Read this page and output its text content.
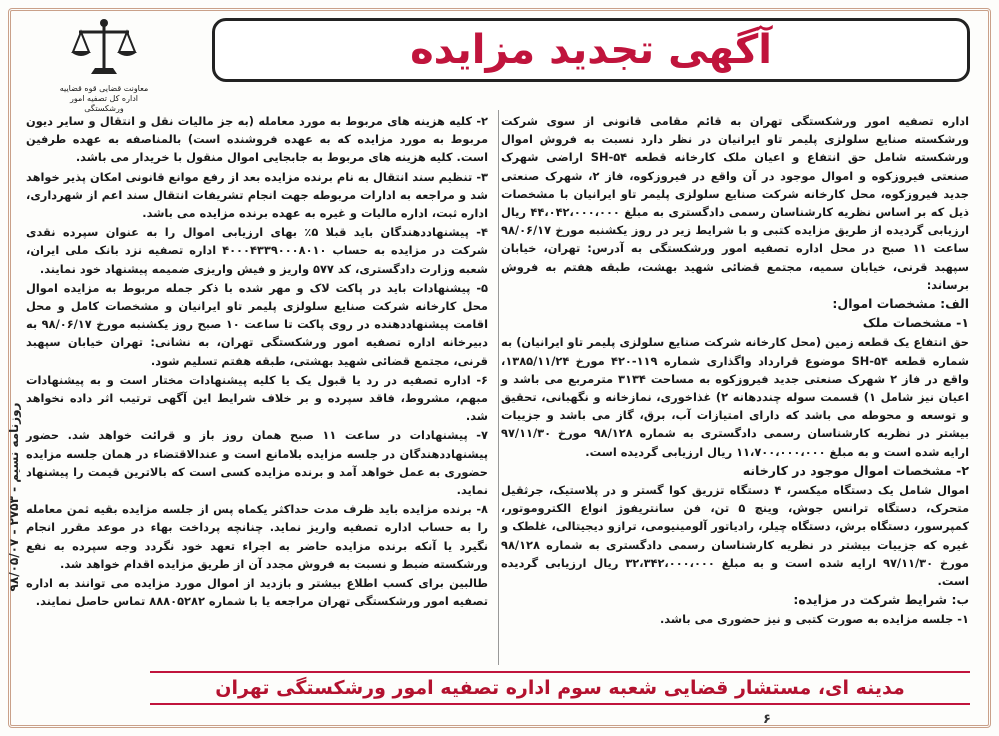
معاونت قضایی قوه قضاییه
اداره کل تصفیه امور ورشکستگی
آگهی تجدید مزایده

اداره تصفیه امور ورشکستگی تهران به قائم مقامی قانونی از سوی شرکت ورشکسته صنایع سلولزی پلیمر تاو ایرانیان در نظر دارد نسبت به فروش اموال ورشکسته شامل حق انتفاع و اعیان ملک کارخانه قطعه SH-۵۴ اراضی شهرک صنعتی فیروزکوه و اموال موجود در آن واقع در فیروزکوه، فاز ۲، شهرک صنعتی جدید فیروزکوه، محل کارخانه شرکت صنایع سلولزی پلیمر تاو ایرانیان با مشخصات ذیل که بر اساس نظریه کارشناسان رسمی دادگستری به مبلغ ۴۴،۰۴۲،۰۰۰،۰۰۰ ریال ارزیابی گردیده از طریق مزایده کتبی و با شرایط زیر در روز یکشنبه مورخ ۹۸/۰۶/۱۷ ساعت ۱۱ صبح در محل اداره تصفیه امور ورشکستگی به آدرس: تهران، خیابان سپهبد قرنی، خیابان سمیه، مجتمع قضائی شهید بهشت، طبقه هفتم به فروش برساند:

الف: مشخصات اموال:

۱- مشخصات ملک

حق انتفاع یک قطعه زمین (محل کارخانه شرکت صنایع سلولزی پلیمر تاو ایرانیان) به شماره قطعه SH-۵۴ موضوع قرارداد واگذاری شماره ۱۱۹-۴۲۰ مورخ ۱۳۸۵/۱۱/۲۴، واقع در فاز ۲ شهرک صنعتی جدید فیروزکوه به مساحت ۳۱۳۴ مترمربع می باشد و اعیان نیز شامل ۱) قسمت سوله چنددهانه ۲) غذاخوری، نمازخانه و نگهبانی، تحقیق و توسعه و محوطه می باشد که دارای امتیازات آب، برق، گاز می باشد و جزییات بیشتر در نظریه کارشناسان رسمی دادگستری به شماره ۹۸/۱۲۸ مورخ ۹۷/۱۱/۳۰ ارایه شده است و به مبلغ ۱۱،۷۰۰،۰۰۰،۰۰۰ ریال ارزیابی گردیده است.

۲- مشخصات اموال موجود در کارخانه

اموال شامل یک دستگاه میکسر، ۴ دستگاه تزریق کوا گستر و در پلاستیک، جرثقیل متحرک، دستگاه ترانس جوش، وینچ ۵ تن، فن سانتریفوژ انواع الکتروموتور، کمپرسور، دستگاه برش، دستگاه چیلر، رادیاتور آلومینیومی، ترازو دیجیتالی، غلطک و غیره که جزییات بیشتر در نظریه کارشناسان رسمی دادگستری به شماره ۹۸/۱۲۸ مورخ ۹۷/۱۱/۳۰ ارایه شده است و به مبلغ ۳۲،۳۴۲،۰۰۰،۰۰۰ ریال ارزیابی گردیده است.

ب: شرایط شرکت در مزایده:

۱- جلسه مزایده به صورت کتبی و نیز حضوری می باشد.

۲- کلیه هزینه های مربوط به مورد معامله (به جز مالیات نقل و انتقال و سایر دیون مربوط به مورد مزایده که به عهده فروشنده است) بالمناصفه به عهده طرفین است. کلیه هزینه های مربوط به جابجایی اموال منقول با خریدار می باشد.

۳- تنظیم سند انتقال به نام برنده مزایده بعد از رفع موانع قانونی امکان پذیر خواهد شد و مراجعه به ادارات مربوطه جهت انجام تشریفات انتقال سند اعم از شهرداری، اداره ثبت، اداره مالیات و غیره به عهده برنده مزایده می باشد.

۴- پیشنهاددهندگان باید قبلا ۵٪ بهای ارزیابی اموال را به عنوان سپرده نقدی شرکت در مزایده به حساب ۴۰۰۰۴۳۳۹۰۰۰۸۰۱۰ اداره تصفیه نزد بانک ملی ایران، شعبه وزارت دادگستری، کد ۵۷۷ واریز و فیش واریزی ضمیمه پیشنهاد خود نمایند.

۵- پیشنهادات باید در پاکت لاک و مهر شده با ذکر جمله مربوط به مزایده اموال محل کارخانه شرکت صنایع سلولزی پلیمر تاو ایرانیان و مشخصات کامل و محل اقامت پیشنهاددهنده در روی پاکت تا ساعت ۱۰ صبح روز یکشنبه مورخ ۹۸/۰۶/۱۷ به دبیرخانه اداره تصفیه امور ورشکستگی تهران، به نشانی: تهران خیابان سپهبد قرنی، مجتمع قضائی شهید بهشتی، طبقه هفتم تسلیم شود.

۶- اداره تصفیه در رد یا قبول یک یا کلیه پیشنهادات مختار است و به پیشنهادات مبهم، مشروط، فاقد سپرده و بر خلاف شرایط این آگهی ترتیب اثر داده نخواهد شد.

۷- پیشنهادات در ساعت ۱۱ صبح همان روز باز و قرائت خواهد شد. حضور پیشنهاددهندگان در جلسه مزایده بلامانع است و عندالاقتضاء در همان جلسه مزایده حضوری به عمل خواهد آمد و برنده مزایده کسی است که بالاترین قیمت را پیشنهاد نماید.

۸- برنده مزایده باید ظرف مدت حداکثر یکماه پس از جلسه مزایده بقیه ثمن معامله را به حساب اداره تصفیه واریز نماید. چنانچه پرداخت بهاء در موعد مقرر انجام نگیرد یا آنکه برنده مزایده حاضر به اجراء تعهد خود نگردد وجه سپرده به نفع ورشکسته ضبط و نسبت به فروش مجدد آن از طریق مزایده اقدام خواهد شد.

طالبین برای کسب اطلاع بیشتر و بازدید از اموال مورد مزایده می توانند به اداره تصفیه امور ورشکستگی تهران مراجعه یا با شماره ۸۸۸۰۵۲۸۲ تماس حاصل نمایند.

مدینه ای، مستشار قضایی شعبه سوم اداره تصفیه امور ورشکستگی تهران
روزنامه نسیم - ۲۷۵۳ - ۹۸/۰۵/۰۷
۶
